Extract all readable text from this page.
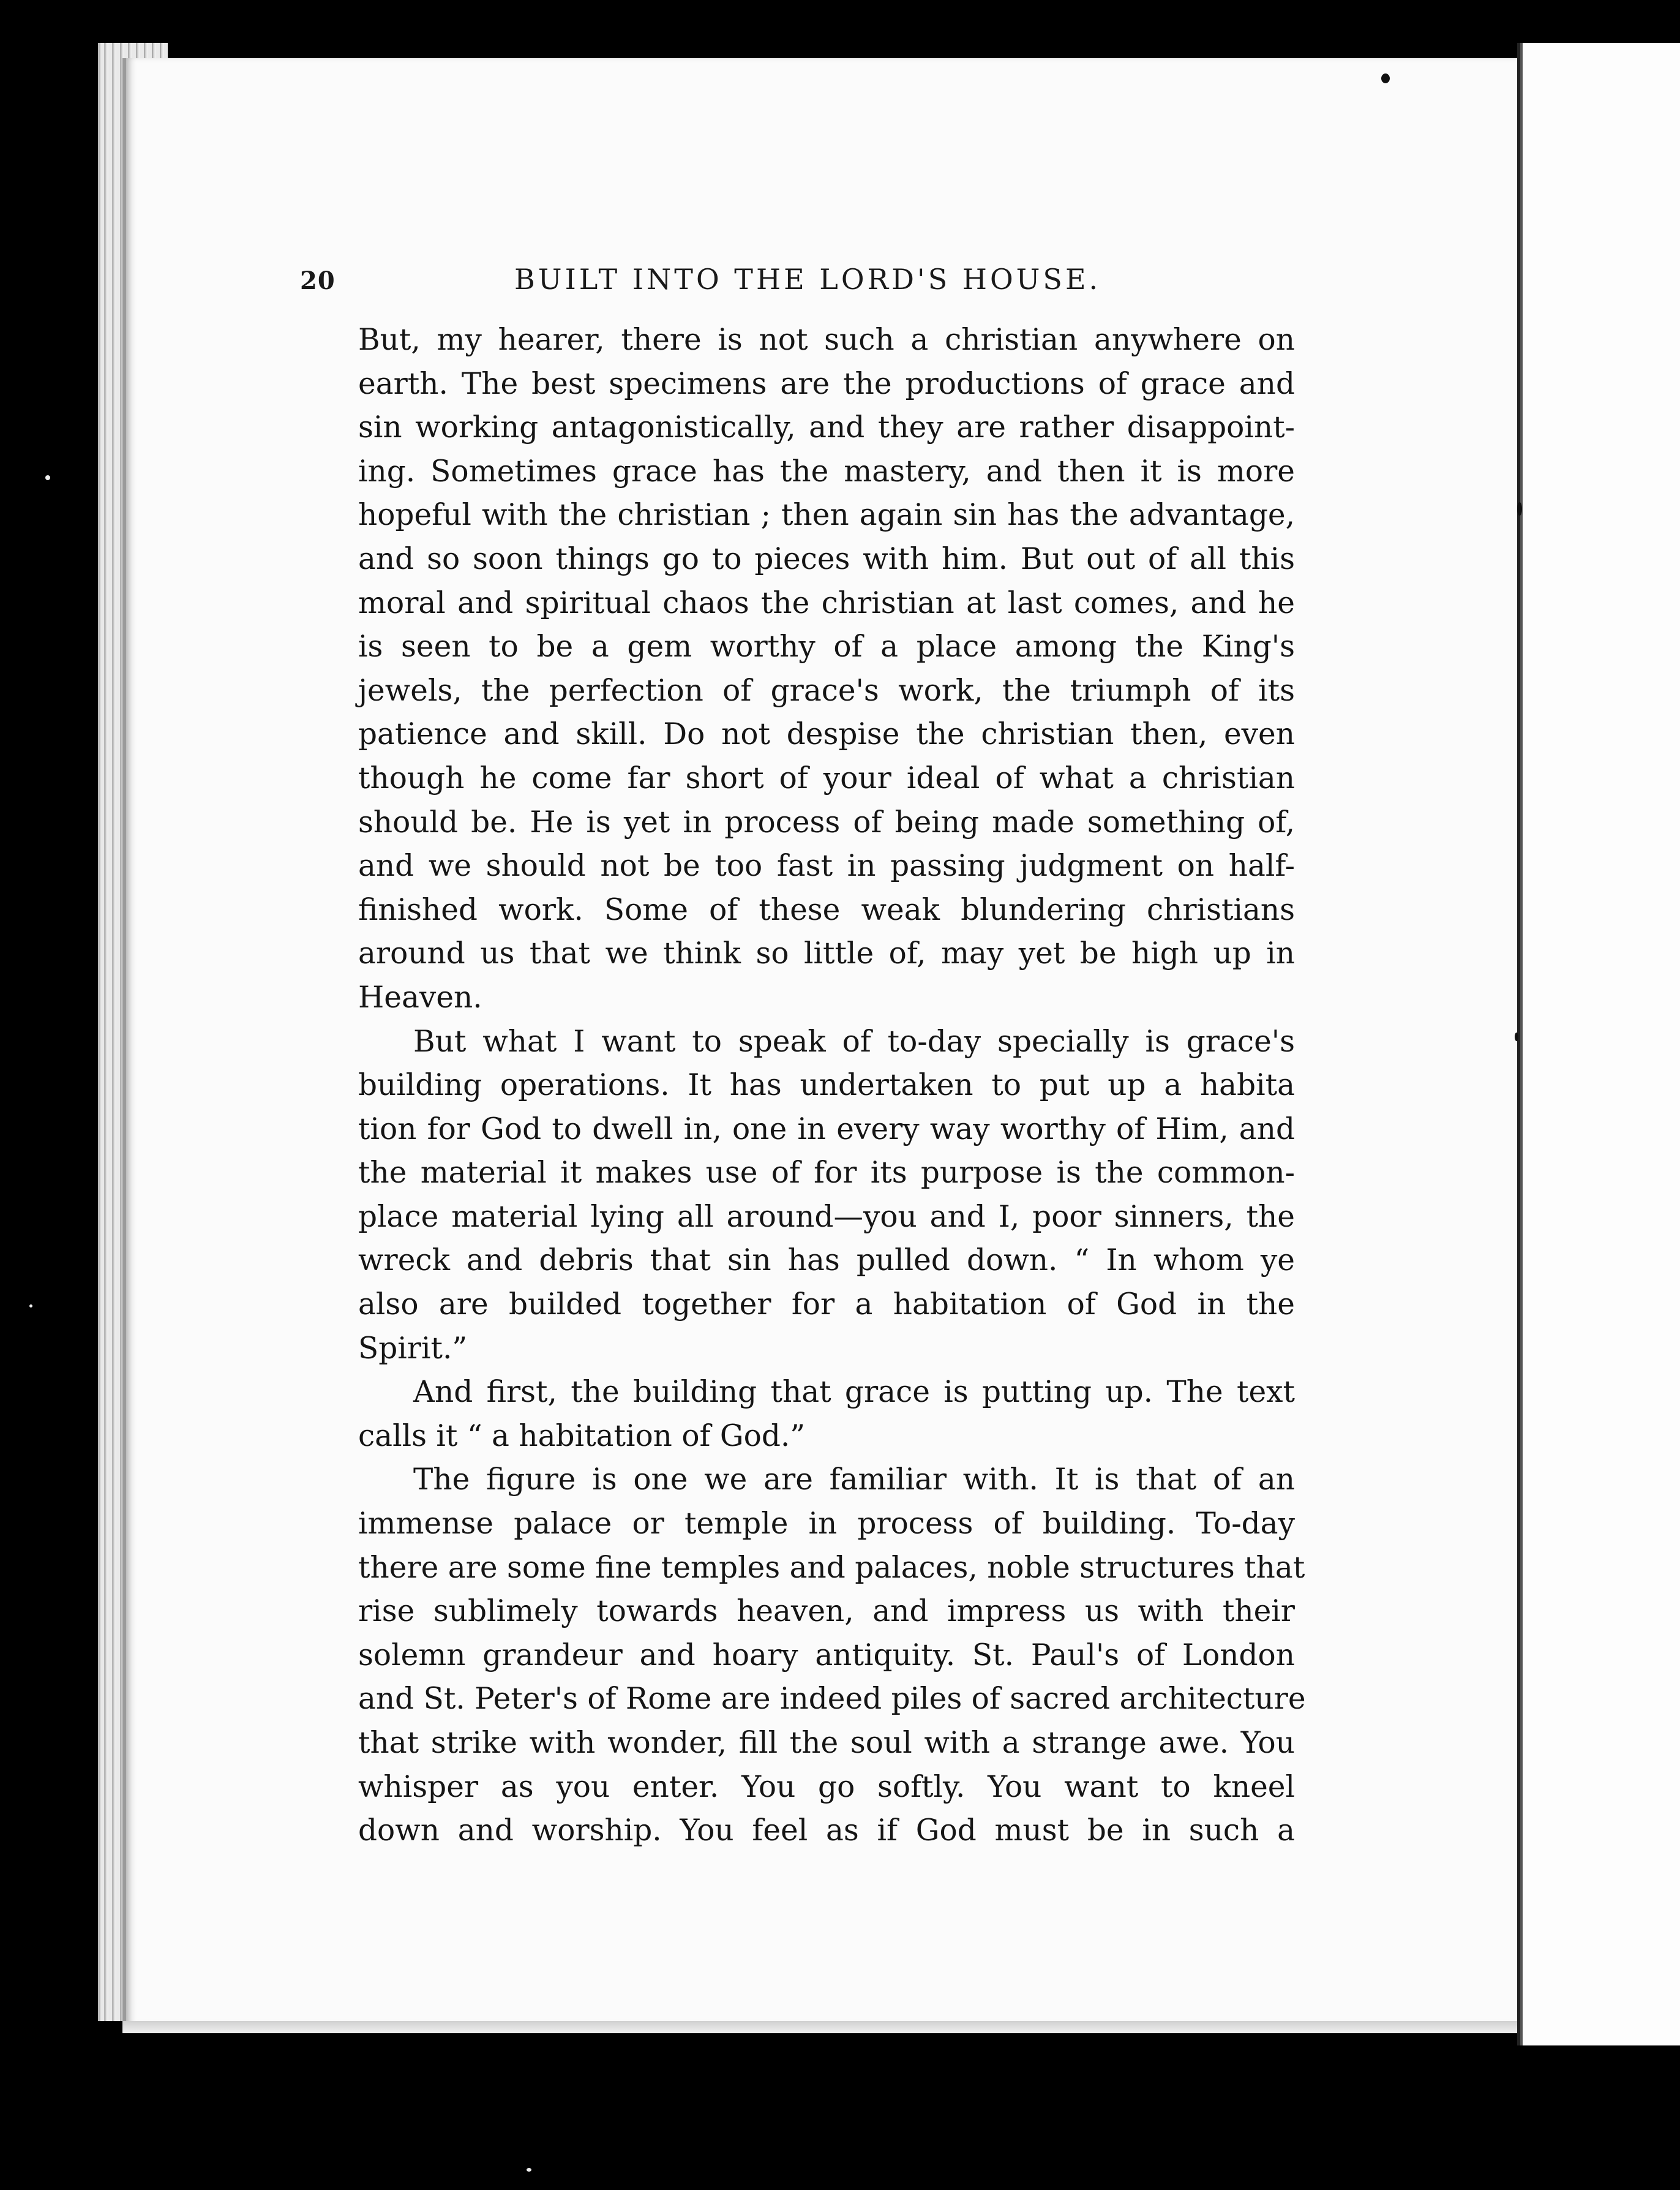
20	BUILT INTO THE LORD'S HOUSE.

But, my hearer, there is not such a christian anywhere on
earth. The best specimens are the productions of grace and
sin working antagonistically, and they are rather disappoint-
ing. Sometimes grace has the mastery, and then it is more
hopeful with the christian ; then again sin has the advantage,
and so soon things go to pieces with him. But out of all this
moral and spiritual chaos the christian at last comes, and he
is seen to be a gem worthy of a place among the King's
jewels, the perfection of grace's work, the triumph of its
patience and skill. Do not despise the christian then, even
though he come far short of your ideal of what a christian
should be. He is yet in process of being made something of,
and we should not be too fast in passing judgment on half-
finished work. Some of these weak blundering christians
around us that we think so little of, may yet be high up in
Heaven.

But what I want to speak of to-day specially is grace's
building operations. It has undertaken to put up a habita
tion for God to dwell in, one in every way worthy of Him, and
the material it makes use of for its purpose is the common-
place material lying all around—you and I, poor sinners, the
wreck and debris that sin has pulled down. “ In whom ye
also are builded together for a habitation of God in the
Spirit.”

And first, the building that grace is putting up. The text
calls it “ a habitation of God.”

The figure is one we are familiar with. It is that of an
immense palace or temple in process of building. To-day
there are some fine temples and palaces, noble structures that
rise sublimely towards heaven, and impress us with their
solemn grandeur and hoary antiquity. St. Paul's of London
and St. Peter's of Rome are indeed piles of sacred architecture
that strike with wonder, fill the soul with a strange awe. You
whisper as you enter. You go softly. You want to kneel
down and worship. You feel as if God must be in such a
